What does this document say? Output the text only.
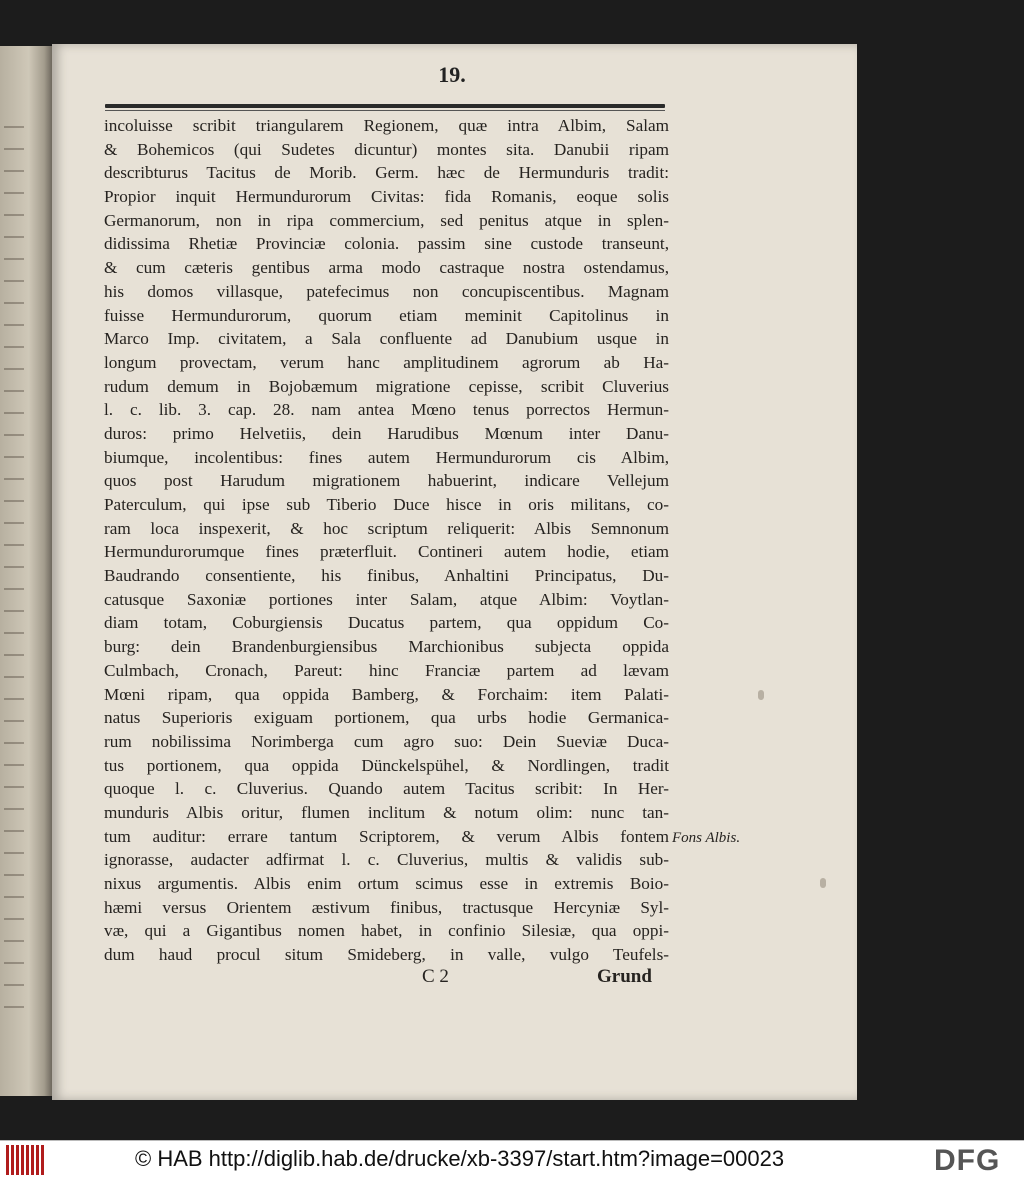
19.
incoluisse scribit triangularem Regionem, quæ intra Albim, Salam
& Bohemicos (qui Sudetes dicuntur) montes sita. Danubii ripam
describturus Tacitus de Morib. Germ. hæc de Hermunduris tradit:
Propior inquit Hermundurorum Civitas: fida Romanis, eoque solis
Germanorum, non in ripa commercium, sed penitus atque in splen-
didissima Rhetiæ Provinciæ colonia. passim sine custode transeunt,
& cum cæteris gentibus arma modo castraque nostra ostendamus,
his domos villasque, patefecimus non concupiscentibus. Magnam
fuisse Hermundurorum, quorum etiam meminit Capitolinus in
Marco Imp. civitatem, a Sala confluente ad Danubium usque in
longum provectam, verum hanc amplitudinem agrorum ab Ha-
rudum demum in Bojobæmum migratione cepisse, scribit Cluverius
l. c. lib. 3. cap. 28. nam antea Mœno tenus porrectos Hermun-
duros: primo Helvetiis, dein Harudibus Mœnum inter Danu-
biumque, incolentibus: fines autem Hermundurorum cis Albim,
quos post Harudum migrationem habuerint, indicare Vellejum
Paterculum, qui ipse sub Tiberio Duce hisce in oris militans, co-
ram loca inspexerit, & hoc scriptum reliquerit: Albis Semnonum
Hermundurorumque fines præterfluit. Contineri autem hodie, etiam
Baudrando consentiente, his finibus, Anhaltini Principatus, Du-
catusque Saxoniæ portiones inter Salam, atque Albim: Voytlan-
diam totam, Coburgiensis Ducatus partem, qua oppidum Co-
burg: dein Brandenburgiensibus Marchionibus subjecta oppida
Culmbach, Cronach, Pareut: hinc Franciæ partem ad lævam
Mœni ripam, qua oppida Bamberg, & Forchaim: item Palati-
natus Superioris exiguam portionem, qua urbs hodie Germanica-
rum nobilissima Norimberga cum agro suo: Dein Sueviæ Duca-
tus portionem, qua oppida Dünckelspühel, & Nordlingen, tradit
quoque l. c. Cluverius. Quando autem Tacitus scribit: In Her-
munduris Albis oritur, flumen inclitum & notum olim: nunc tan-
tum auditur: errare tantum Scriptorem, & verum Albis fontem
ignorasse, audacter adfirmat l. c. Cluverius, multis & validis sub-
nixus argumentis. Albis enim ortum scimus esse in extremis Boio-
hæmi versus Orientem æstivum finibus, tractusque Hercyniæ Syl-
væ, qui a Gigantibus nomen habet, in confinio Silesiæ, qua oppi-
dum haud procul situm Smideberg, in valle, vulgo Teufels-
Fons Albis.
C 2	Grund
© HAB http://diglib.hab.de/drucke/xb-3397/start.htm?image=00023	DFG
